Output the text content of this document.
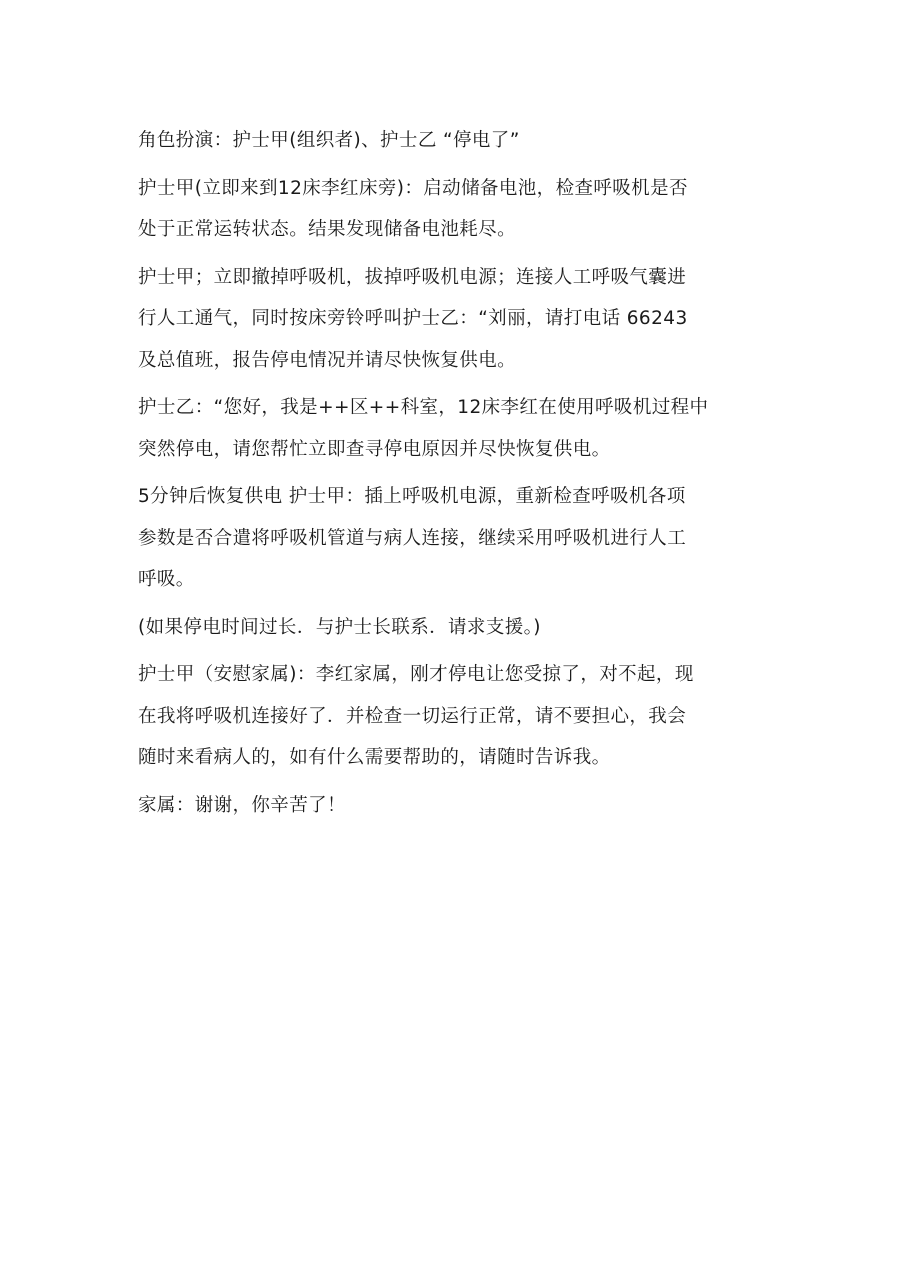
角色扮演：护士甲(组织者)、护士乙 “停电了”

护士甲(立即来到12床李红床旁)：启动储备电池，检查呼吸机是否
处于正常运转状态。结果发现储备电池耗尽。

护士甲；立即撤掉呼吸机，拔掉呼吸机电源；连接人工呼吸气囊进
行人工通气，同时按床旁铃呼叫护士乙：“刘丽，请打电话 66243
及总值班，报告停电情况并请尽快恢复供电。

护士乙：“您好，我是++区++科室，12床李红在使用呼吸机过程中
突然停电，请您帮忙立即查寻停电原因并尽快恢复供电。

5分钟后恢复供电 护士甲：插上呼吸机电源，重新检查呼吸机各项
参数是否合遣将呼吸机管道与病人连接，继续采用呼吸机进行人工
呼吸。

(如果停电时间过长．与护士长联系．请求支援。)

护士甲（安慰家属)：李红家属，刚才停电让您受掠了，对不起，现
在我将呼吸机连接好了．并检查一切运行正常，请不要担心，我会
随时来看病人的，如有什么需要帮助的，请随时告诉我。

家属：谢谢，你辛苦了！
